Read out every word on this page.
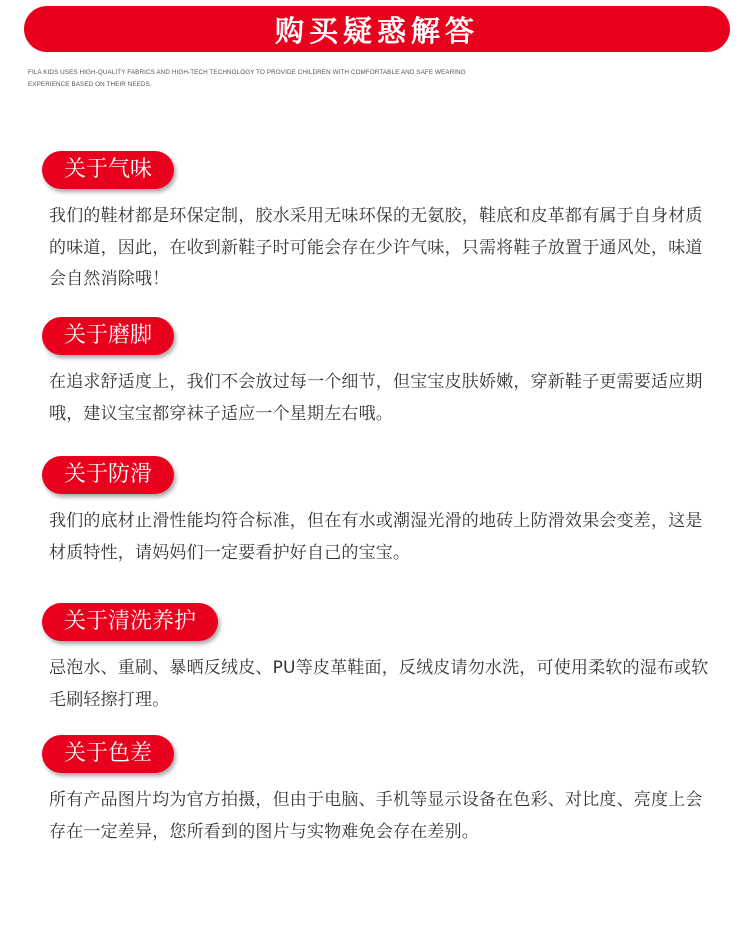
购买疑惑解答
FILA KIDS USES HIGH-QUALITY FABRICS AND HIGH-TECH TECHNOLOGY TO PROVIDE CHILDREN WITH COMFORTABLE AND SAFE WEARING EXPERIENCE BASED ON THEIR NEEDS.
关于气味
我们的鞋材都是环保定制，胶水采用无味环保的无氨胶，鞋底和皮革都有属于自身材质的味道，因此，在收到新鞋子时可能会存在少许气味，只需将鞋子放置于通风处，味道会自然消除哦！
关于磨脚
在追求舒适度上，我们不会放过每一个细节，但宝宝皮肤娇嫩，穿新鞋子更需要适应期哦，建议宝宝都穿袜子适应一个星期左右哦。
关于防滑
我们的底材止滑性能均符合标准，但在有水或潮湿光滑的地砖上防滑效果会变差，这是材质特性，请妈妈们一定要看护好自己的宝宝。
关于清洗养护
忌泡水、重刷、暴晒反绒皮、PU等皮革鞋面，反绒皮请勿水洗，可使用柔软的湿布或软毛刷轻擦打理。
关于色差
所有产品图片均为官方拍摄，但由于电脑、手机等显示设备在色彩、对比度、亮度上会存在一定差异，您所看到的图片与实物难免会存在差别。
